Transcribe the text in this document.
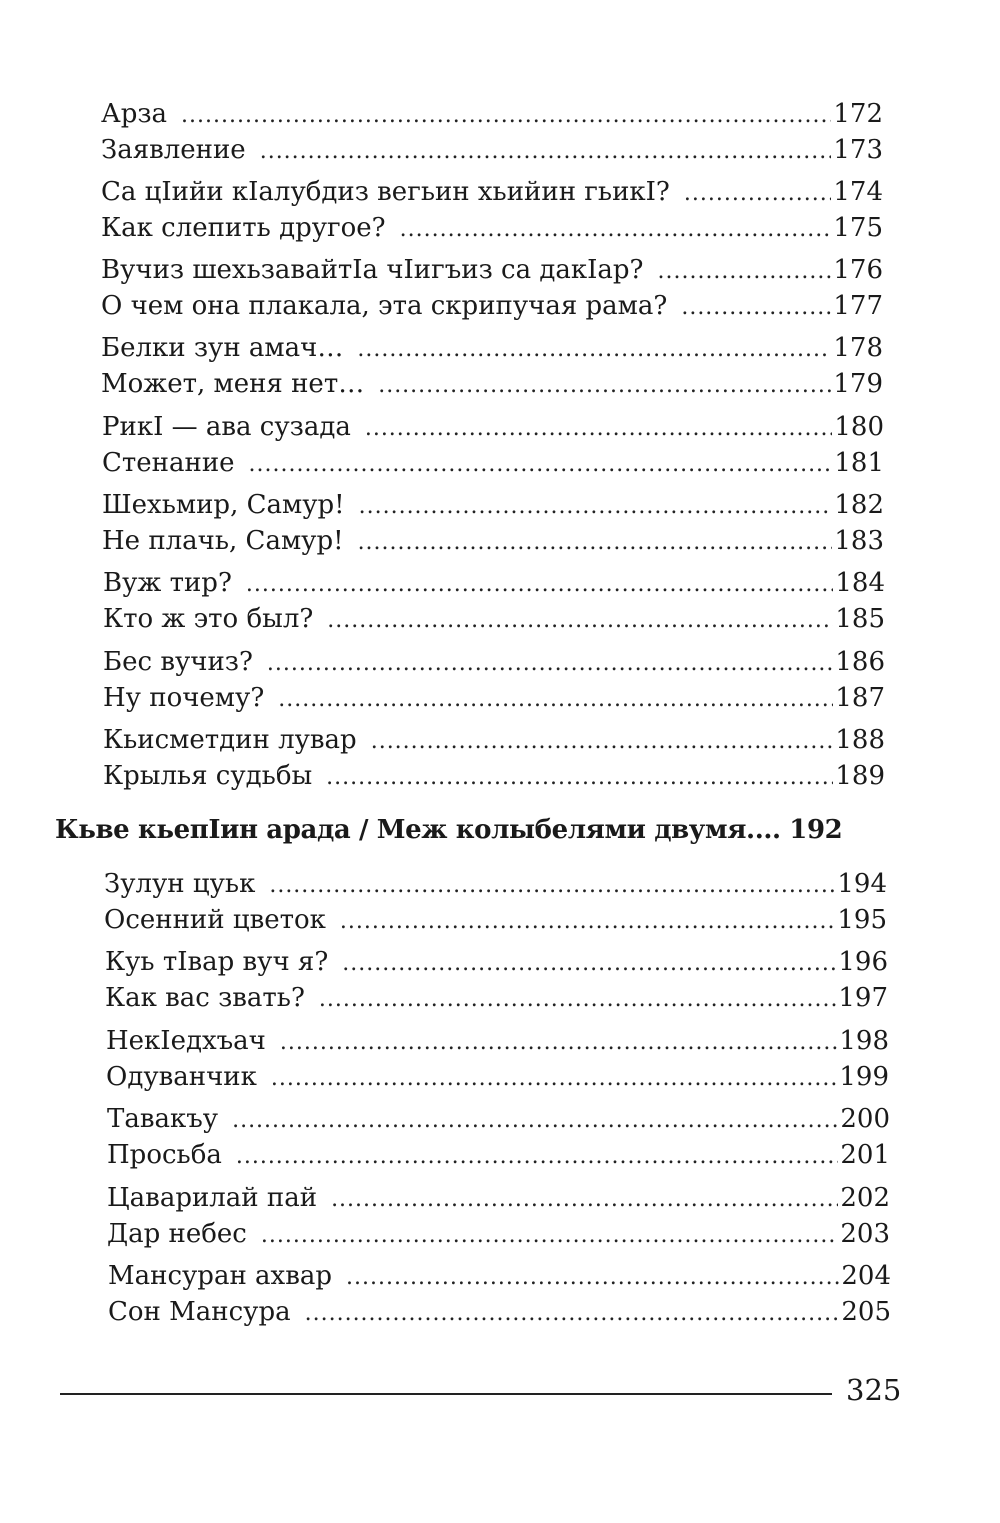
Арза .....	172
Заявление .....	173
Са цIийи кIалубдиз вегьин хьийин гьикI? .....	174
Как слепить другое? .....	175
Вучиз шехьзавайтIа чIигъиз са дакIар? .....	176
О чем она плакала, эта скрипучая рама? .....	177
Белки зун амач… .....	178
Может, меня нет… .....	179
РикI — ава сузада .....	180
Стенание .....	181
Шехьмир, Самур! .....	182
Не плачь, Самур! .....	183
Вуж тир? .....	184
Кто ж это был? .....	185
Бес вучиз? .....	186
Ну почему? .....	187
Кьисметдин лувар .....	188
Крылья судьбы .....	189
Кьве кьепIин арада / Меж колыбелями двумя.... 192
Зулун цуьк .....	194
Осенний цветок .....	195
Куь тIвар вуч я? .....	196
Как вас звать? .....	197
НекIедхъач .....	198
Одуванчик .....	199
Тавакъу .....	200
Просьба .....	201
Цаварилай пай .....	202
Дар небес .....	203
Мансуран ахвар .....	204
Сон Мансура .....	205
325
